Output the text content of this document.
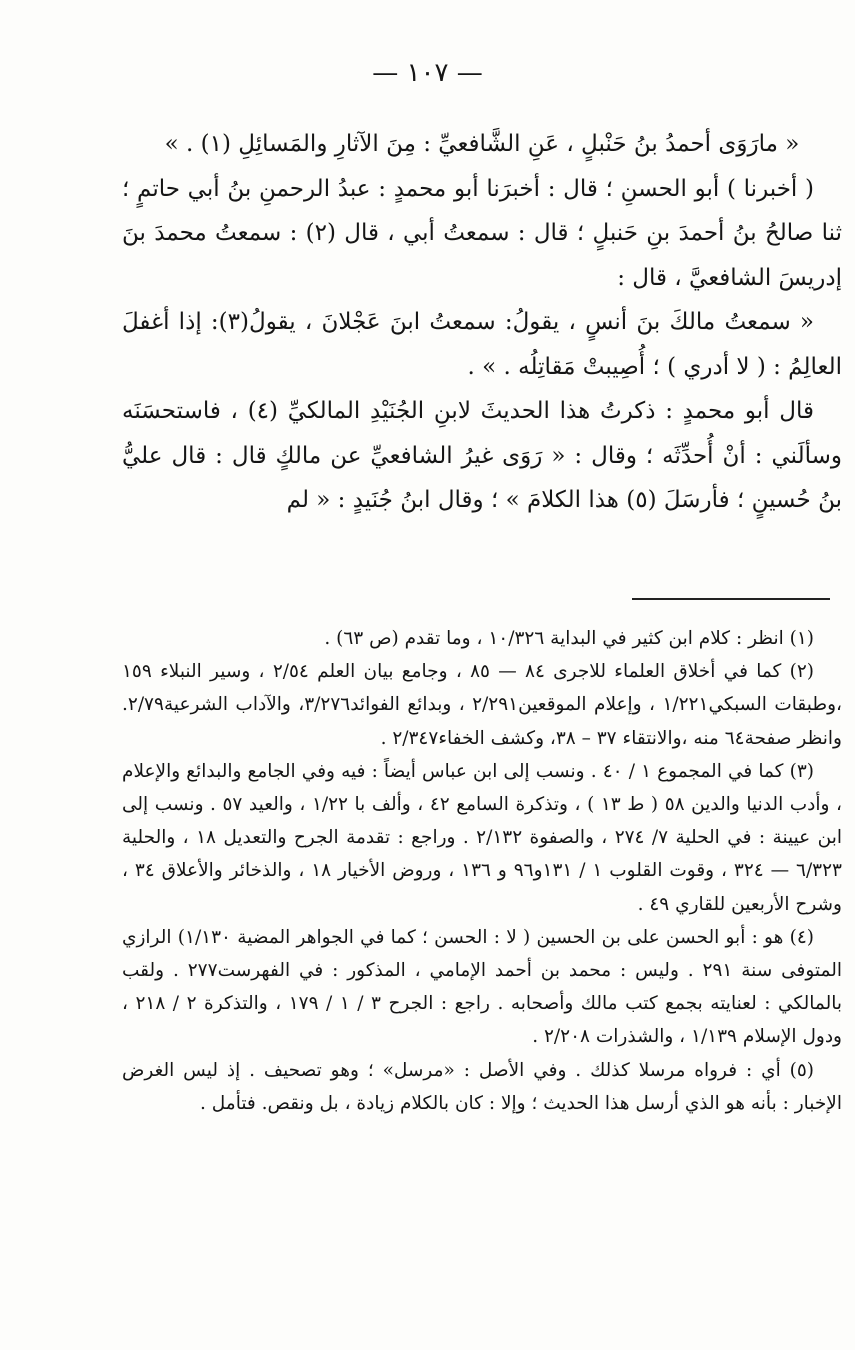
— ١٠٧ —

« مارَوَى أحمدُ بنُ حَنْبلٍ ، عَنِ الشَّافعيِّ : مِنَ الآثارِ والمَسائِلِ (١) . »

( أخبرنا ) أبو الحسنِ ؛ قال : أخبرَنا أبو محمدٍ : عبدُ الرحمنِ بنُ أبي حاتمٍ ؛ ثنا صالحُ بنُ أحمدَ بنِ حَنبلٍ ؛ قال : سمعتُ أبي ، قال (٢) : سمعتُ محمدَ بنَ إدريسَ الشافعيَّ ، قال :

« سمعتُ مالكَ بنَ أنسٍ ، يقولُ: سمعتُ ابنَ عَجْلانَ ، يقولُ(٣): إذا أغفلَ العالِمُ : ( لا أدري ) ؛ أُصِيبتْ مَقاتِلُه . » .

قال أبو محمدٍ : ذكرتُ هذا الحديثَ لابنِ الجُنَيْدِ المالكيِّ (٤) ، فاستحسَنَه وسألَني : أنْ أُحدِّثَه ؛ وقال : « رَوَى غيرُ الشافعيِّ عن مالكٍ قال : قال عليُّ بنُ حُسينٍ ؛ فأرسَلَ (٥) هذا الكلامَ » ؛ وقال ابنُ جُنَيدٍ : « لم

(١) انظر : كلام ابن كثير في البداية ١٠/٣٢٦ ، وما تقدم (ص ٦٣) .

(٢) كما في أخلاق العلماء للاجرى ٨٤ — ٨٥ ، وجامع بيان العلم ٢/٥٤ ، وسير النبلاء ١٥٩ ،وطبقات السبكي١/٢٢١ ، وإعلام الموقعين٢/٢٩١ ، وبدائع الفوائد٣/٢٧٦، والآداب الشرعية٢/٧٩. وانظر صفحة٦٤ منه ،والانتقاء ٣٧ – ٣٨، وكشف الخفاء٢/٣٤٧ .

(٣) كما في المجموع ١ / ٤٠ . ونسب إلى ابن عباس أيضاً : فيه وفي الجامع والبدائع والإعلام ، وأدب الدنيا والدين ٥٨ ( ط ١٣ ) ، وتذكرة السامع ٤٢ ، وألف با ١/٢٢ ، والعيد ٥٧ . ونسب إلى ابن عيينة : في الحلية ٧/ ٢٧٤ ، والصفوة ٢/١٣٢ . وراجع : تقدمة الجرح والتعديل ١٨ ، والحلية ٦/٣٢٣ — ٣٢٤ ، وقوت القلوب ١ / ١٣١و٩٦ و ١٣٦ ، وروض الأخيار ١٨ ، والذخائر والأعلاق ٣٤ ، وشرح الأربعين للقاري ٤٩ .

(٤) هو : أبو الحسن على بن الحسين ( لا : الحسن ؛ كما في الجواهر المضية ١/١٣٠) الرازي المتوفى سنة ٢٩١ . وليس : محمد بن أحمد الإمامي ، المذكور : في الفهرست٢٧٧ . ولقب بالمالكي : لعنايته بجمع كتب مالك وأصحابه . راجع : الجرح ٣ / ١ / ١٧٩ ، والتذكرة ٢ / ٢١٨ ، ودول الإسلام ١/١٣٩ ، والشذرات ٢/٢٠٨ .

(٥) أي : فرواه مرسلا كذلك . وفي الأصل : «مرسل» ؛ وهو تصحيف . إذ ليس الغرض الإخبار : بأنه هو الذي أرسل هذا الحديث ؛ وإلا : كان بالكلام زيادة ، بل ونقص. فتأمل .
